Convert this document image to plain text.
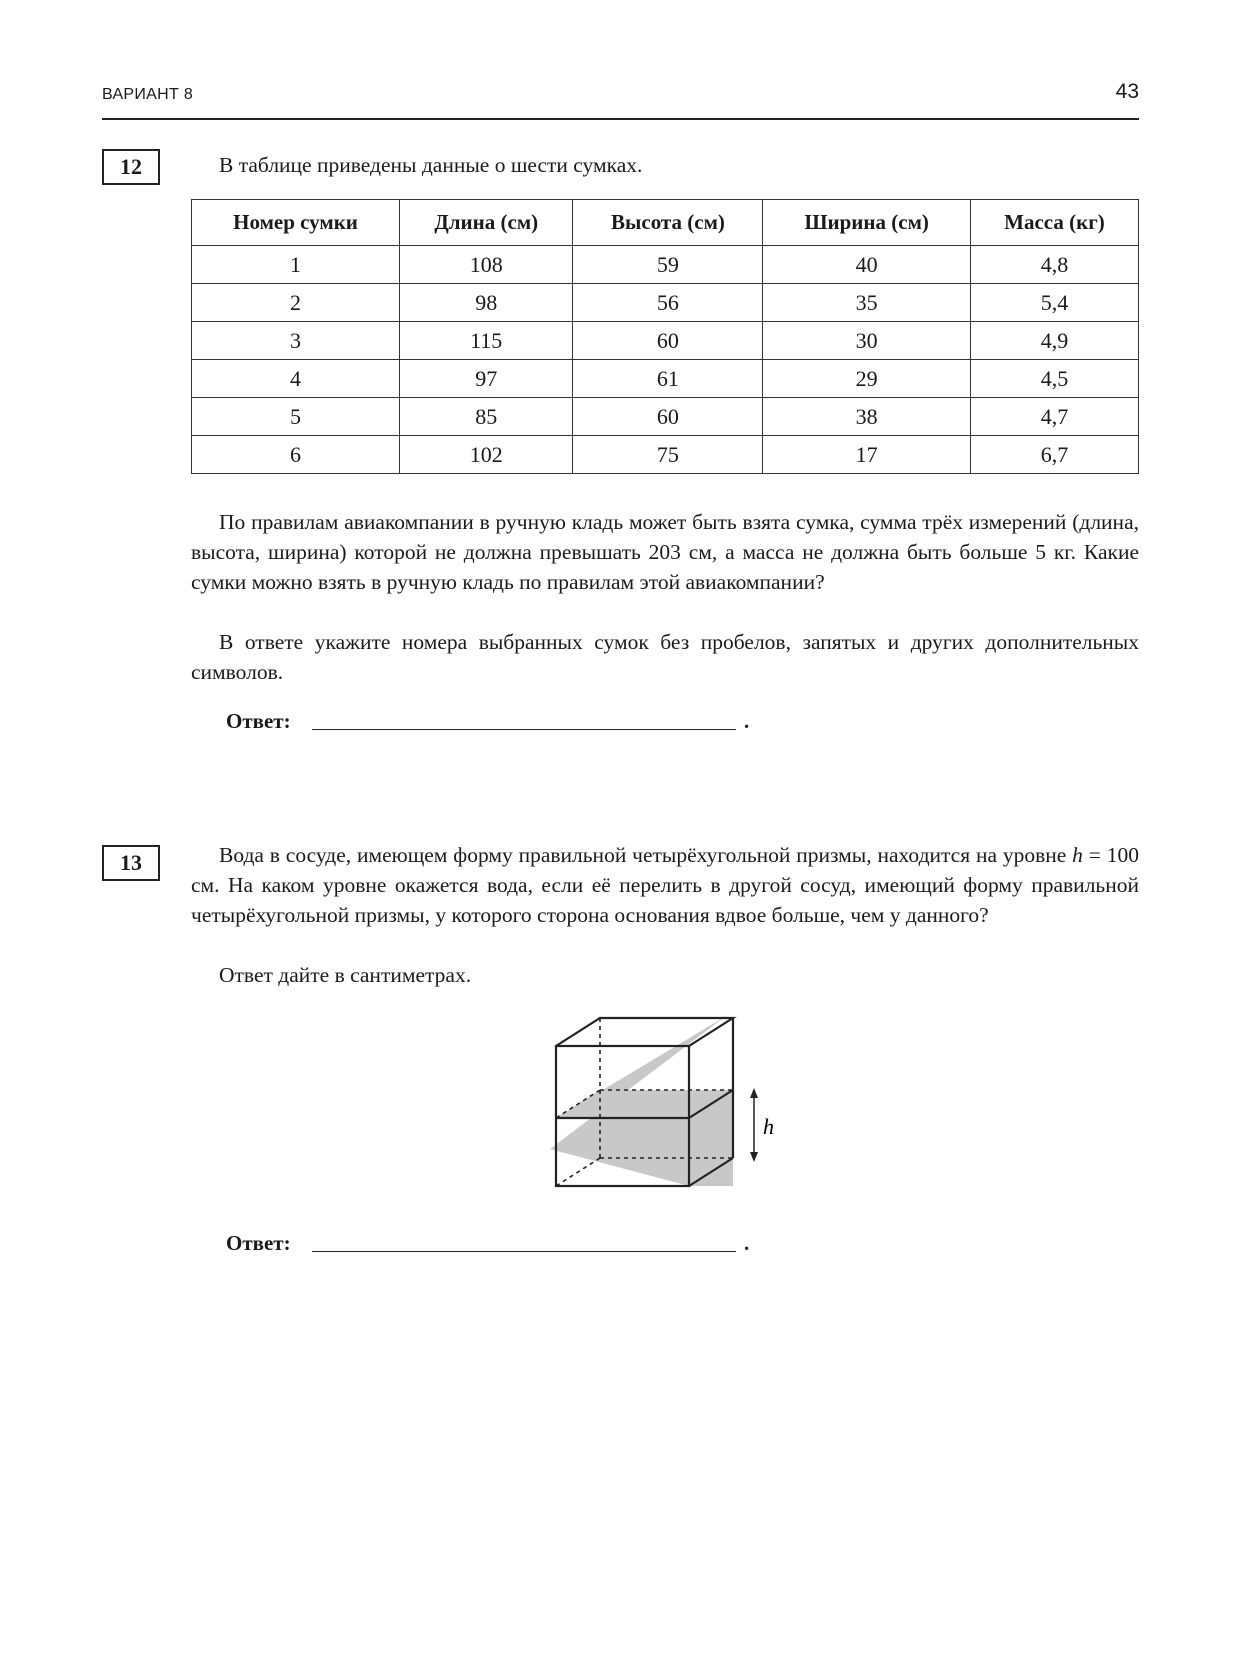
ВАРИАНТ 8	43
12	В таблице приведены данные о шести сумках.
Номер сумки	Длина (см)	Высота (см)	Ширина (см)	Масса (кг)
1	108	59	40	4,8
2	98	56	35	5,4
3	115	60	30	4,9
4	97	61	29	4,5
5	85	60	38	4,7
6	102	75	17	6,7
По правилам авиакомпании в ручную кладь может быть взята сумка, сумма трёх измерений (длина, высота, ширина) которой не должна превышать 203 см, а масса не должна быть больше 5 кг. Какие сумки можно взять в ручную кладь по правилам этой авиакомпании?
В ответе укажите номера выбранных сумок без пробелов, запятых и других дополнительных символов.
Ответ:	.
13	Вода в сосуде, имеющем форму правильной четырёхугольной призмы, находится на уровне h = 100 см. На каком уровне окажется вода, если её перелить в другой сосуд, имеющий форму правильной четырёхугольной призмы, у которого сторона основания вдвое больше, чем у данного?
Ответ дайте в сантиметрах.
h
Ответ:	.
